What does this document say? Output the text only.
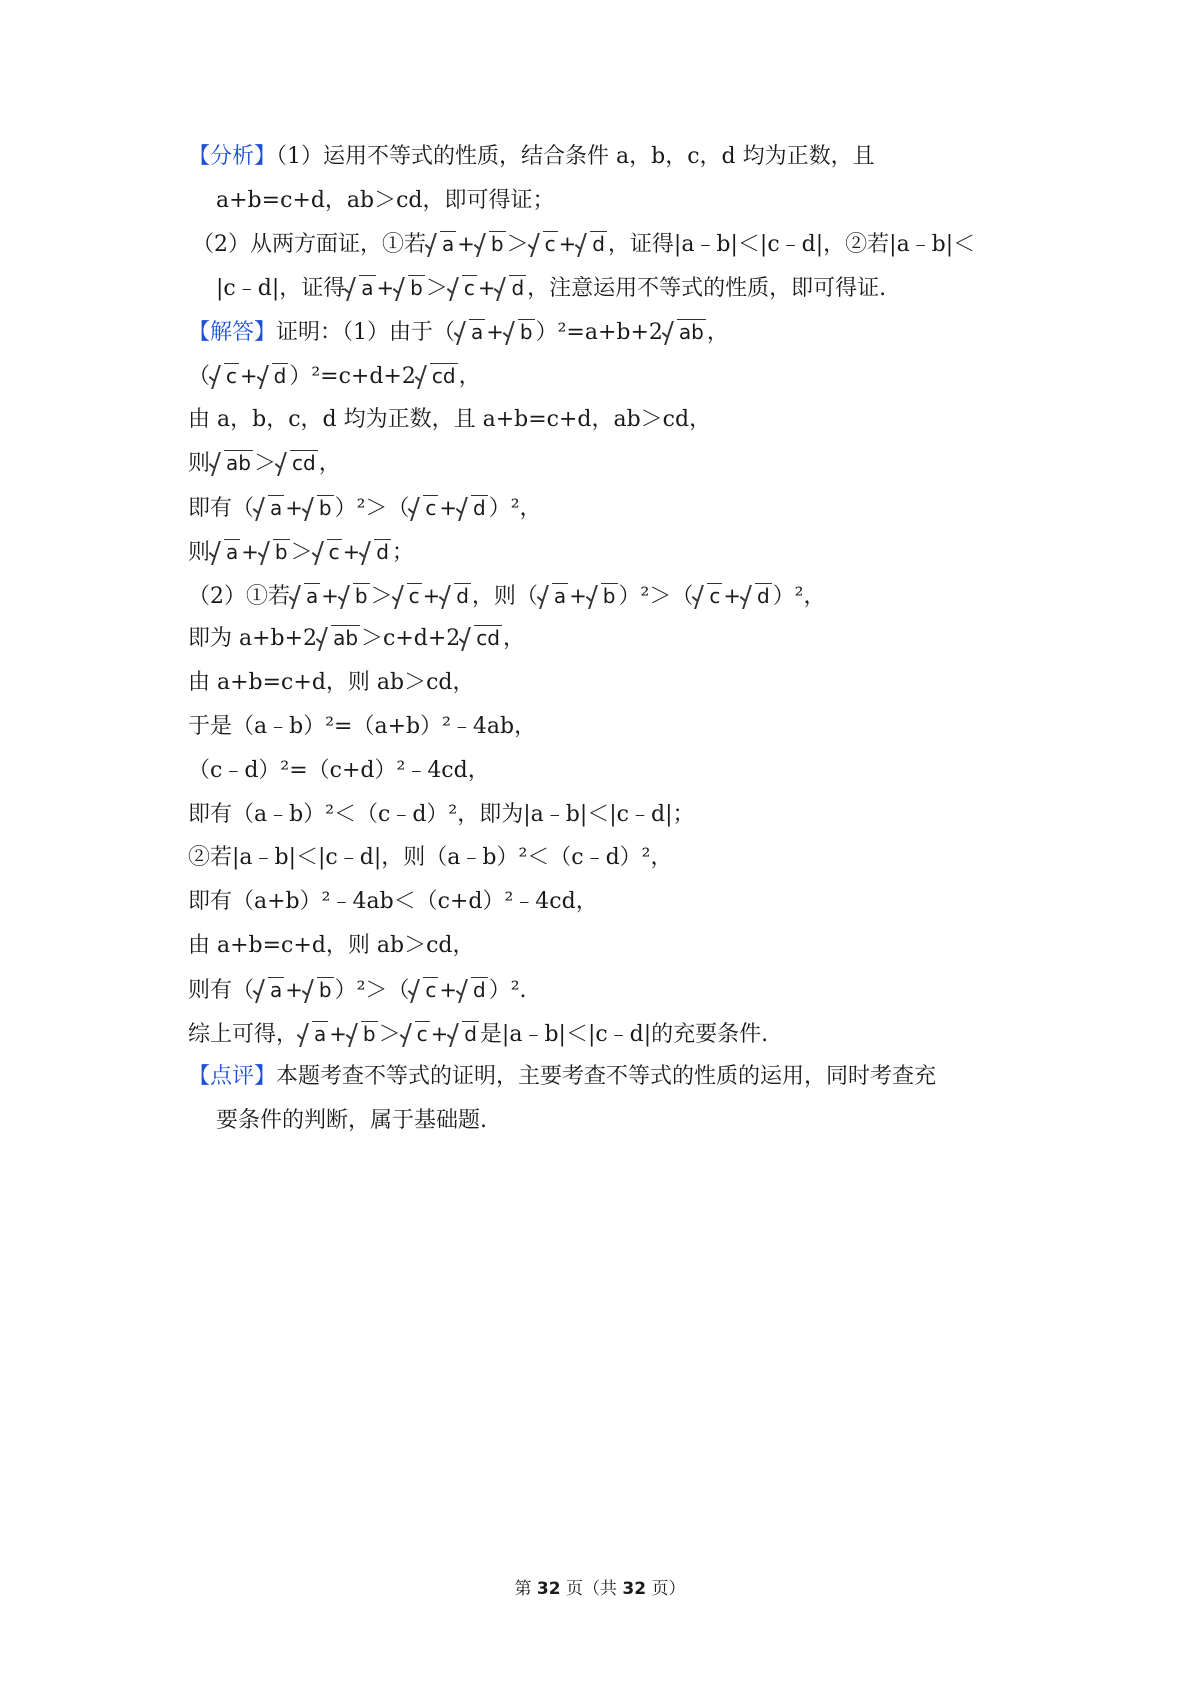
【分析】（1）运用不等式的性质，结合条件 a，b，c，d 均为正数，且
a+b=c+d，ab＞cd，即可得证；
（2）从两方面证，①若 a + b ＞ c + d ，证得|a﹣b|＜|c﹣d|，②若|a﹣b|＜
|c﹣d|，证得 a + b ＞ c + d ，注意运用不等式的性质，即可得证.
【解答】证明：（1）由于（ a + b ）²=a+b+2 ab ，
（ c + d ）²=c+d+2 cd ，
由 a，b，c，d 均为正数，且 a+b=c+d，ab＞cd，
则 ab ＞ cd ，
即有（ a + b ）²＞（ c + d ）²，
则 a + b ＞ c + d ；
（2）①若 a + b ＞ c + d ，则（ a + b ）²＞（ c + d ）²，
即为 a+b+2 ab ＞c+d+2 cd ，
由 a+b=c+d，则 ab＞cd，
于是（a﹣b）²=（a+b）²﹣4ab，
（c﹣d）²=（c+d）²﹣4cd，
即有（a﹣b）²＜（c﹣d）²，即为|a﹣b|＜|c﹣d|；
②若|a﹣b|＜|c﹣d|，则（a﹣b）²＜（c﹣d）²，
即有（a+b）²﹣4ab＜（c+d）²﹣4cd，
由 a+b=c+d，则 ab＞cd，
则有（ a + b ）²＞（ c + d ）².
综上可得， a + b ＞ c + d 是|a﹣b|＜|c﹣d|的充要条件.
【点评】本题考查不等式的证明，主要考查不等式的性质的运用，同时考查充
要条件的判断，属于基础题.
第 32 页（共 32 页）
